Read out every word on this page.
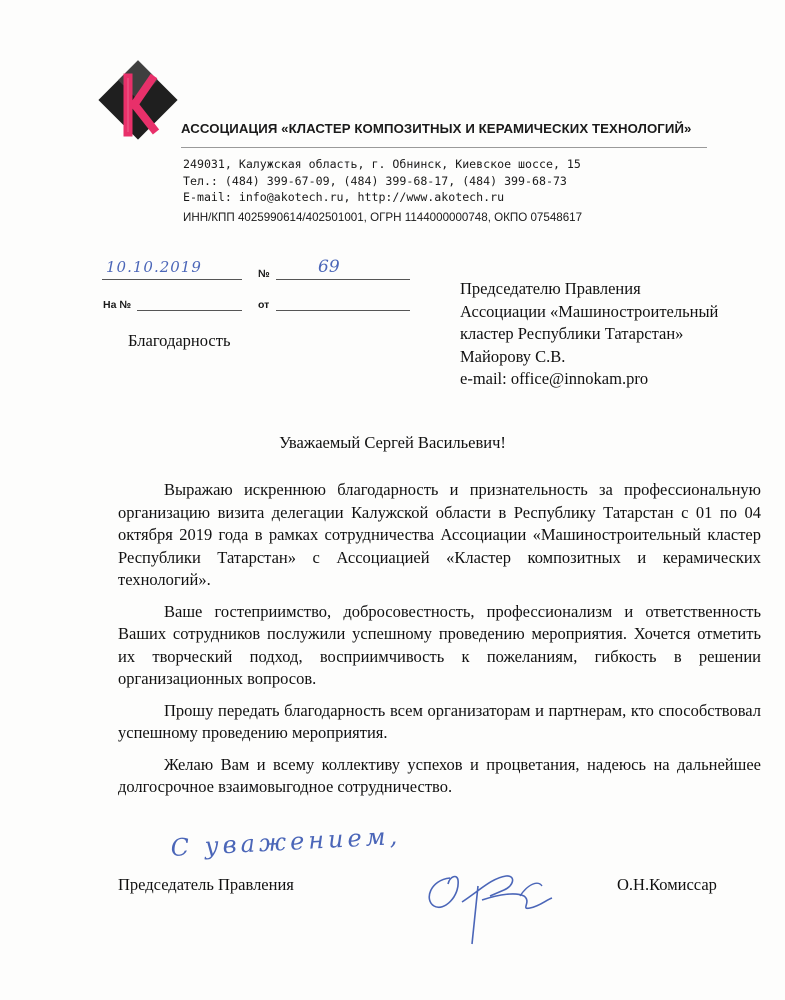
АССОЦИАЦИЯ «КЛАСТЕР КОМПОЗИТНЫХ И КЕРАМИЧЕСКИХ ТЕХНОЛОГИЙ»
249031, Калужская область, г. Обнинск, Киевское шоссе, 15
Тел.: (484) 399-67-09, (484) 399-68-17, (484) 399-68-73
E-mail: info@akotech.ru, http://www.akotech.ru
ИНН/КПП 4025990614/402501001, ОГРН 1144000000748, ОКПО 07548617
10.10.2019	№	69
На №	от
Благодарность
Председателю Правления
Ассоциации «Машиностроительный
кластер Республики Татарстан»
Майорову С.В.
e-mail: office@innokam.pro
Уважаемый Сергей Васильевич!

Выражаю искреннюю благодарность и признательность за профессиональную организацию визита делегации Калужской области в Республику Татарстан с 01 по 04 октября 2019 года в рамках сотрудничества Ассоциации «Машиностроительный кластер Республики Татарстан» с Ассоциацией «Кластер композитных и керамических технологий».

Ваше гостеприимство, добросовестность, профессионализм и ответственность Ваших сотрудников послужили успешному проведению мероприятия. Хочется отметить их творческий подход, восприимчивость к пожеланиям, гибкость в решении организационных вопросов.

Прошу передать благодарность всем организаторам и партнерам, кто способствовал успешному проведению мероприятия.

Желаю Вам и всему коллективу успехов и процветания, надеюсь на дальнейшее долгосрочное взаимовыгодное сотрудничество.

С уважением,
Председатель Правления	О.Н.Комиссар
